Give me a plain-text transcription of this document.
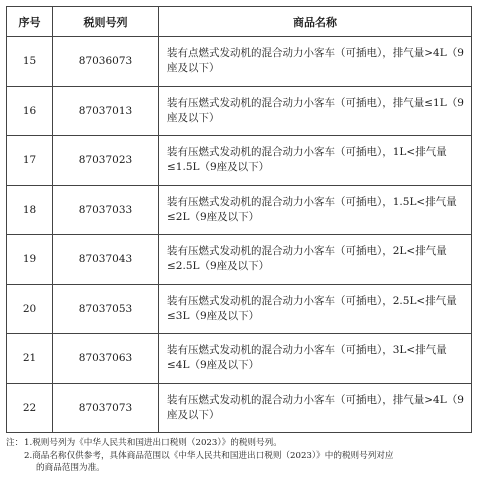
序号	税则号列	商品名称
15	87036073	装有点燃式发动机的混合动力小客车（可插电），排气量>4L（9座及以下）
16	87037013	装有压燃式发动机的混合动力小客车（可插电），排气量≤1L（9座及以下）
17	87037023	装有压燃式发动机的混合动力小客车（可插电），1L<排气量≤1.5L（9座及以下）
18	87037033	装有压燃式发动机的混合动力小客车（可插电），1.5L<排气量≤2L（9座及以下）
19	87037043	装有压燃式发动机的混合动力小客车（可插电），2L<排气量≤2.5L（9座及以下）
20	87037053	装有压燃式发动机的混合动力小客车（可插电），2.5L<排气量≤3L（9座及以下）
21	87037063	装有压燃式发动机的混合动力小客车（可插电），3L<排气量≤4L（9座及以下）
22	87037073	装有压燃式发动机的混合动力小客车（可插电），排气量>4L（9座及以下）
注： 1.税则号列为《中华人民共和国进出口税则（2023）》的税则号列。
2.商品名称仅供参考，具体商品范围以《中华人民共和国进出口税则（2023）》中的税则号列对应
的商品范围为准。
